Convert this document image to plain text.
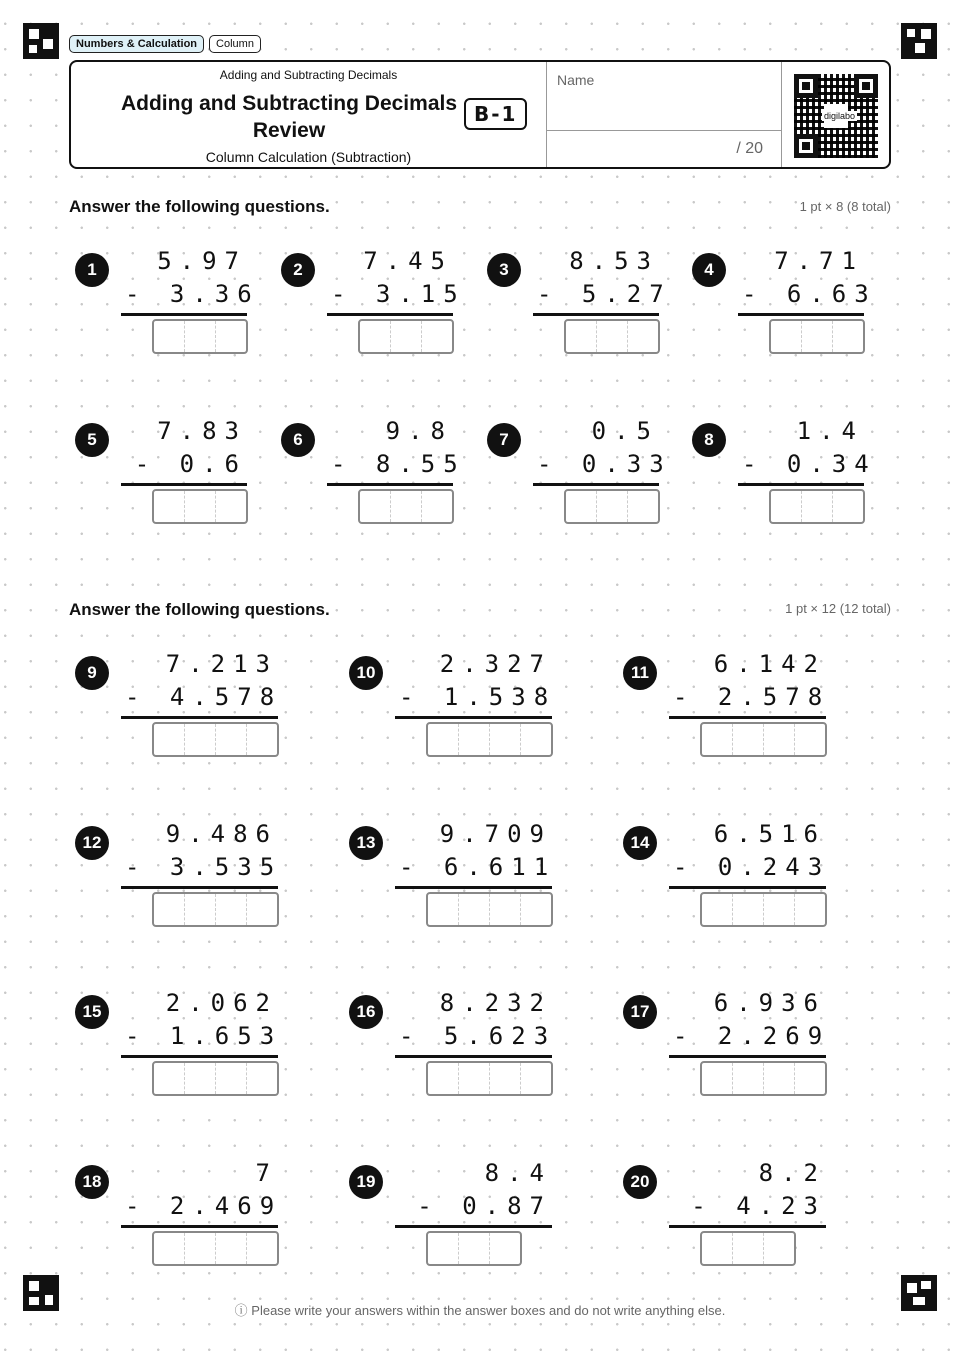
Numbers & Calculation	Column
Adding and Subtracting Decimals
Adding and Subtracting Decimals
Review
B-1
Column Calculation (Subtraction)
Name
/ 20
digilabo
Answer the following questions.	1 pt × 8 (8 total)
Answer the following questions.	1 pt × 12 (12 total)
1	5.97
- 3.36
2	7.45
- 3.15
3	8.53
- 5.27
4	7.71
- 6.63
5	7.83
- 0.6
6	9.8
- 8.55
7	0.5
- 0.33
8	1.4
- 0.34
9	7.213
- 4.578
10	2.327
- 1.538
11	6.142
- 2.578
12	9.486
- 3.535
13	9.709
- 6.611
14	6.516
- 0.243
15	2.062
- 1.653
16	8.232
- 5.623
17	6.936
- 2.269
18	7
- 2.469
19	8.4
- 0.87
20	8.2
- 4.23
ⓘ Please write your answers within the answer boxes and do not write anything else.
